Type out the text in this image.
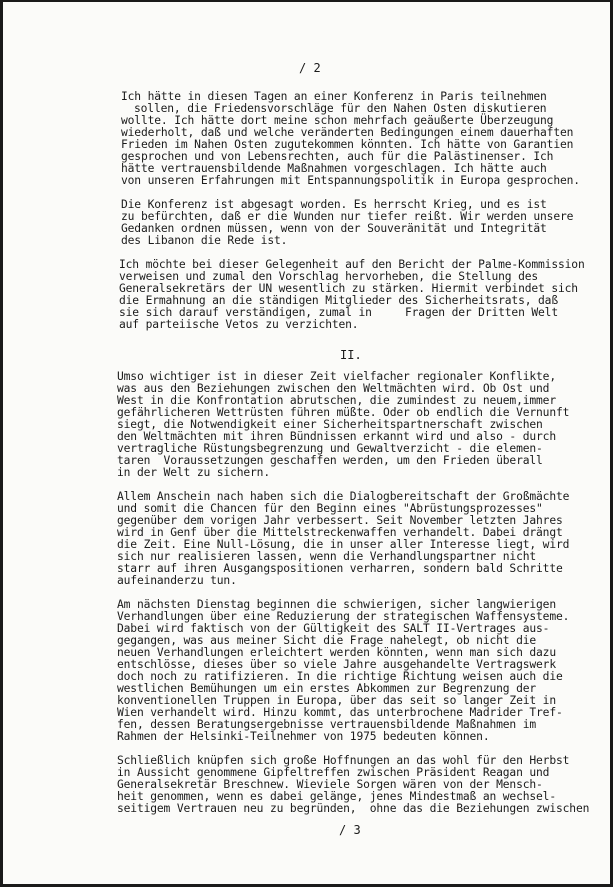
/ 2
Ich hätte in diesen Tagen an einer Konferenz in Paris teilnehmen
sollen, die Friedensvorschläge für den Nahen Osten diskutieren
wollte. Ich hätte dort meine schon mehrfach geäußerte Überzeugung
wiederholt, daß und welche veränderten Bedingungen einem dauerhaften
Frieden im Nahen Osten zugutekommen könnten. Ich hätte von Garantien
gesprochen und von Lebensrechten, auch für die Palästinenser. Ich
hätte vertrauensbildende Maßnahmen vorgeschlagen. Ich hätte auch
von unseren Erfahrungen mit Entspannungspolitik in Europa gesprochen.
Die Konferenz ist abgesagt worden. Es herrscht Krieg, und es ist
zu befürchten, daß er die Wunden nur tiefer reißt. Wir werden unsere
Gedanken ordnen müssen, wenn von der Souveränität und Integrität
des Libanon die Rede ist.
Ich möchte bei dieser Gelegenheit auf den Bericht der Palme-Kommission
verweisen und zumal den Vorschlag hervorheben, die Stellung des
Generalsekretärs der UN wesentlich zu stärken. Hiermit verbindet sich
die Ermahnung an die ständigen Mitglieder des Sicherheitsrats, daß
sie sich darauf verständigen, zumal in     Fragen der Dritten Welt
auf parteiische Vetos zu verzichten.
II.
Umso wichtiger ist in dieser Zeit vielfacher regionaler Konflikte,
was aus den Beziehungen zwischen den Weltmächten wird. Ob Ost und
West in die Konfrontation abrutschen, die zumindest zu neuem,immer
gefährlicheren Wettrüsten führen müßte. Oder ob endlich die Vernunft
siegt, die Notwendigkeit einer Sicherheitspartnerschaft zwischen
den Weltmächten mit ihren Bündnissen erkannt wird und also - durch
vertragliche Rüstungsbegrenzung und Gewaltverzicht - die elemen-
taren  Voraussetzungen geschaffen werden, um den Frieden überall
in der Welt zu sichern.
Allem Anschein nach haben sich die Dialogbereitschaft der Großmächte
und somit die Chancen für den Beginn eines "Abrüstungsprozesses"
gegenüber dem vorigen Jahr verbessert. Seit November letzten Jahres
wird in Genf über die Mittelstreckenwaffen verhandelt. Dabei drängt
die Zeit. Eine Null-Lösung, die in unser aller Interesse liegt, wird
sich nur realisieren lassen, wenn die Verhandlungspartner nicht
starr auf ihren Ausgangspositionen verharren, sondern bald Schritte
aufeinanderzu tun.
Am nächsten Dienstag beginnen die schwierigen, sicher langwierigen
Verhandlungen über eine Reduzierung der strategischen Waffensysteme.
Dabei wird faktisch von der Gültigkeit des SALT II-Vertrages aus-
gegangen, was aus meiner Sicht die Frage nahelegt, ob nicht die
neuen Verhandlungen erleichtert werden könnten, wenn man sich dazu
entschlösse, dieses über so viele Jahre ausgehandelte Vertragswerk
doch noch zu ratifizieren. In die richtige Richtung weisen auch die
westlichen Bemühungen um ein erstes Abkommen zur Begrenzung der
konventionellen Truppen in Europa, über das seit so langer Zeit in
Wien verhandelt wird. Hinzu kommt, das unterbrochene Madrider Tref-
fen, dessen Beratungsergebnisse vertrauensbildende Maßnahmen im
Rahmen der Helsinki-Teilnehmer von 1975 bedeuten können.
Schließlich knüpfen sich große Hoffnungen an das wohl für den Herbst
in Aussicht genommene Gipfeltreffen zwischen Präsident Reagan und
Generalsekretär Breschnew. Wieviele Sorgen wären von der Mensch-
heit genommen, wenn es dabei gelänge, jenes Mindestmaß an wechsel-
seitigem Vertrauen neu zu begründen,  ohne das die Beziehungen zwischen
/ 3
